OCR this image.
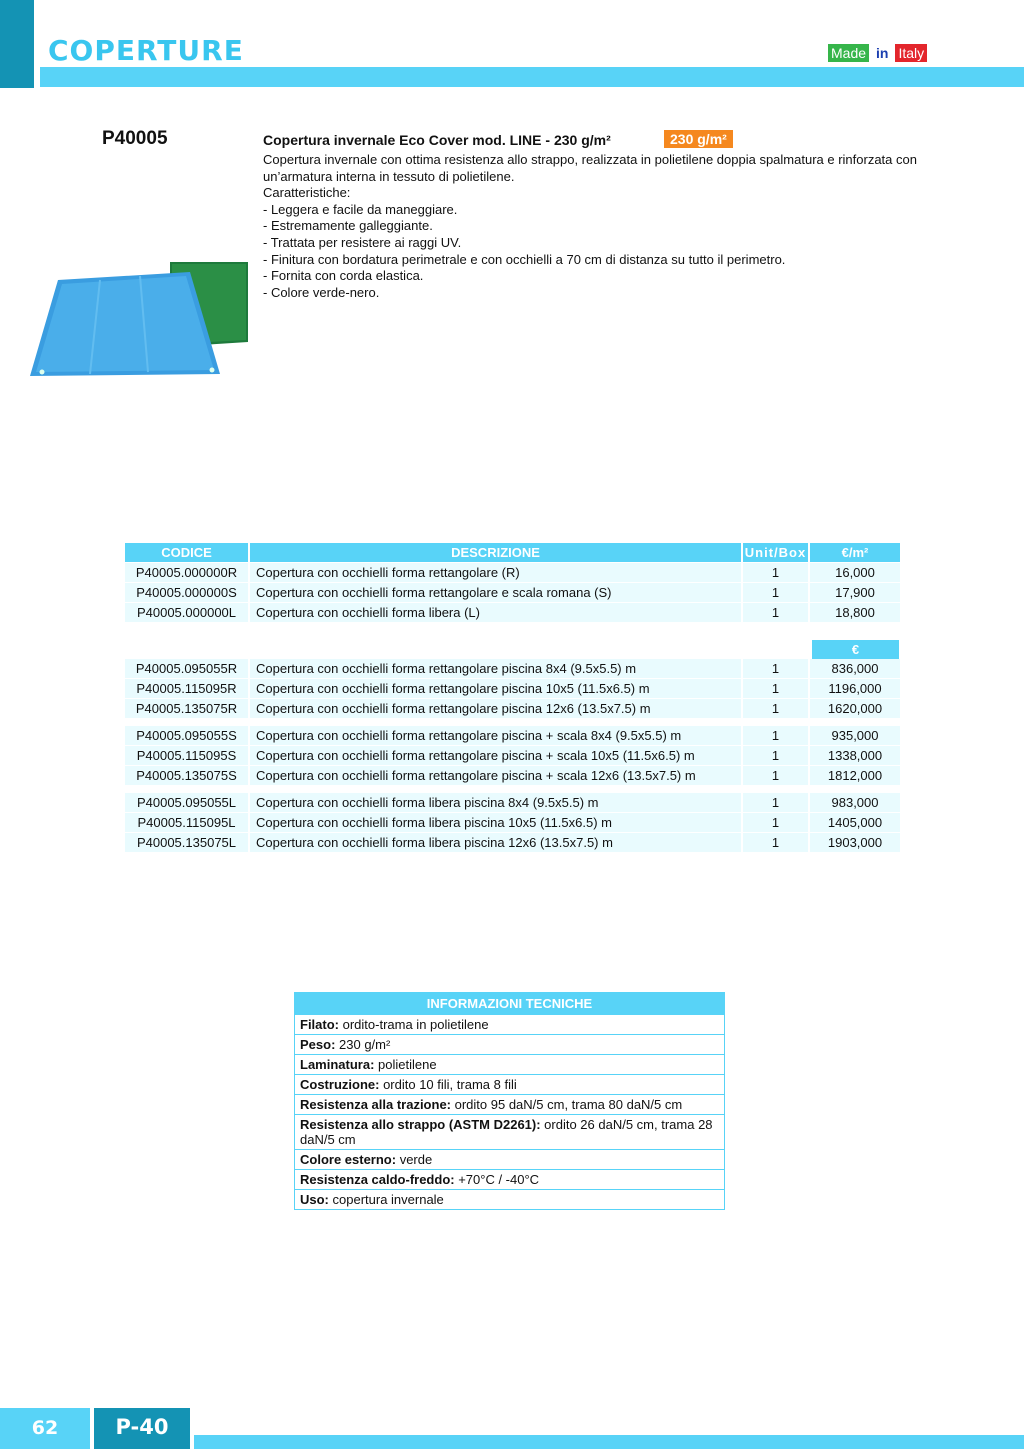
COPERTURE	Made in Italy
P40005	Copertura invernale Eco Cover mod. LINE - 230 g/m²	230 g/m²

Copertura invernale con ottima resistenza allo strappo, realizzata in polietilene doppia spalmatura e rinforzata con un’armatura interna in tessuto di polietilene.

Caratteristiche:

- Leggera e facile da maneggiare.

- Estremamente galleggiante.

- Trattata per resistere ai raggi UV.

- Finitura con bordatura perimetrale e con occhielli a 70 cm di distanza su tutto il perimetro.

- Fornita con corda elastica.

- Colore verde-nero.

CODICE	DESCRIZIONE	Unit/Box	€/m²
P40005.000000R	Copertura con occhielli forma rettangolare (R)	1	16,000
P40005.000000S	Copertura con occhielli forma rettangolare e scala romana (S)	1	17,900
P40005.000000L	Copertura con occhielli forma libera (L)	1	18,800
P40005.095055R	Copertura con occhielli forma rettangolare piscina 8x4 (9.5x5.5) m	1	836,000
P40005.115095R	Copertura con occhielli forma rettangolare piscina 10x5 (11.5x6.5) m	1	1196,000
P40005.135075R	Copertura con occhielli forma rettangolare piscina 12x6 (13.5x7.5) m	1	1620,000
P40005.095055S	Copertura con occhielli forma rettangolare piscina + scala 8x4 (9.5x5.5) m	1	935,000
P40005.115095S	Copertura con occhielli forma rettangolare piscina + scala 10x5 (11.5x6.5) m	1	1338,000
P40005.135075S	Copertura con occhielli forma rettangolare piscina + scala 12x6 (13.5x7.5) m	1	1812,000
P40005.095055L	Copertura con occhielli forma libera piscina 8x4 (9.5x5.5) m	1	983,000
P40005.115095L	Copertura con occhielli forma libera piscina 10x5 (11.5x6.5) m	1	1405,000
P40005.135075L	Copertura con occhielli forma libera piscina 12x6 (13.5x7.5) m	1	1903,000
€
INFORMAZIONI TECNICHE
Filato: ordito-trama in polietilene
Peso: 230 g/m²
Laminatura: polietilene
Costruzione: ordito 10 fili, trama 8 fili
Resistenza alla trazione: ordito 95 daN/5 cm, trama 80 daN/5 cm
Resistenza allo strappo (ASTM D2261): ordito 26 daN/5 cm, trama 28 daN/5 cm
Colore esterno: verde
Resistenza caldo-freddo: +70°C / -40°C
Uso: copertura invernale
62	P-40
